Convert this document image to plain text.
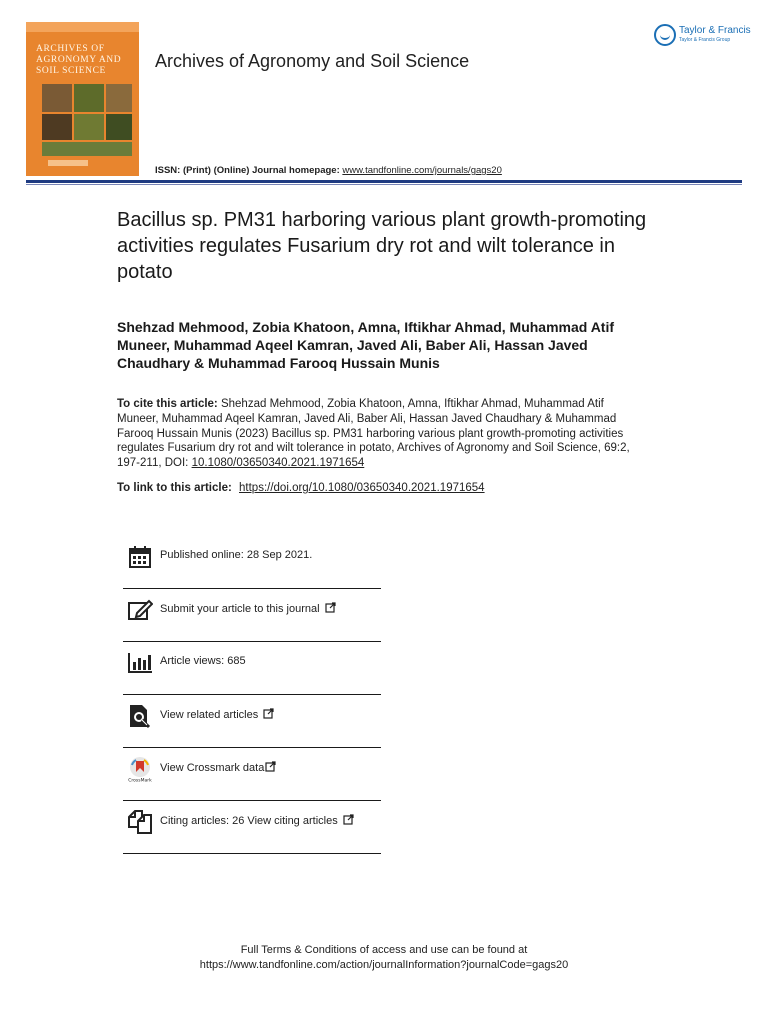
ARCHIVES OF
AGRONOMY AND
SOIL SCIENCE	Archives of Agronomy and Soil Science
Taylor & Francis
Taylor & Francis Group
ISSN: (Print) (Online) Journal homepage: www.tandfonline.com/journals/gags20
Bacillus sp. PM31 harboring various plant growth-promoting activities regulates Fusarium dry rot and wilt tolerance in potato
Shehzad Mehmood, Zobia Khatoon, Amna, Iftikhar Ahmad, Muhammad Atif Muneer, Muhammad Aqeel Kamran, Javed Ali, Baber Ali, Hassan Javed Chaudhary & Muhammad Farooq Hussain Munis
To cite this article: Shehzad Mehmood, Zobia Khatoon, Amna, Iftikhar Ahmad, Muhammad Atif Muneer, Muhammad Aqeel Kamran, Javed Ali, Baber Ali, Hassan Javed Chaudhary & Muhammad Farooq Hussain Munis (2023) Bacillus sp. PM31 harboring various plant growth-promoting activities regulates Fusarium dry rot and wilt tolerance in potato, Archives of Agronomy and Soil Science, 69:2, 197-211, DOI: 10.1080/03650340.2021.1971654
To link to this article: https://doi.org/10.1080/03650340.2021.1971654
Published online: 28 Sep 2021.
Submit your article to this journal
Article views: 685
View related articles
CrossMark
View Crossmark data
Citing articles: 26 View citing articles
Full Terms & Conditions of access and use can be found at
https://www.tandfonline.com/action/journalInformation?journalCode=gags20
